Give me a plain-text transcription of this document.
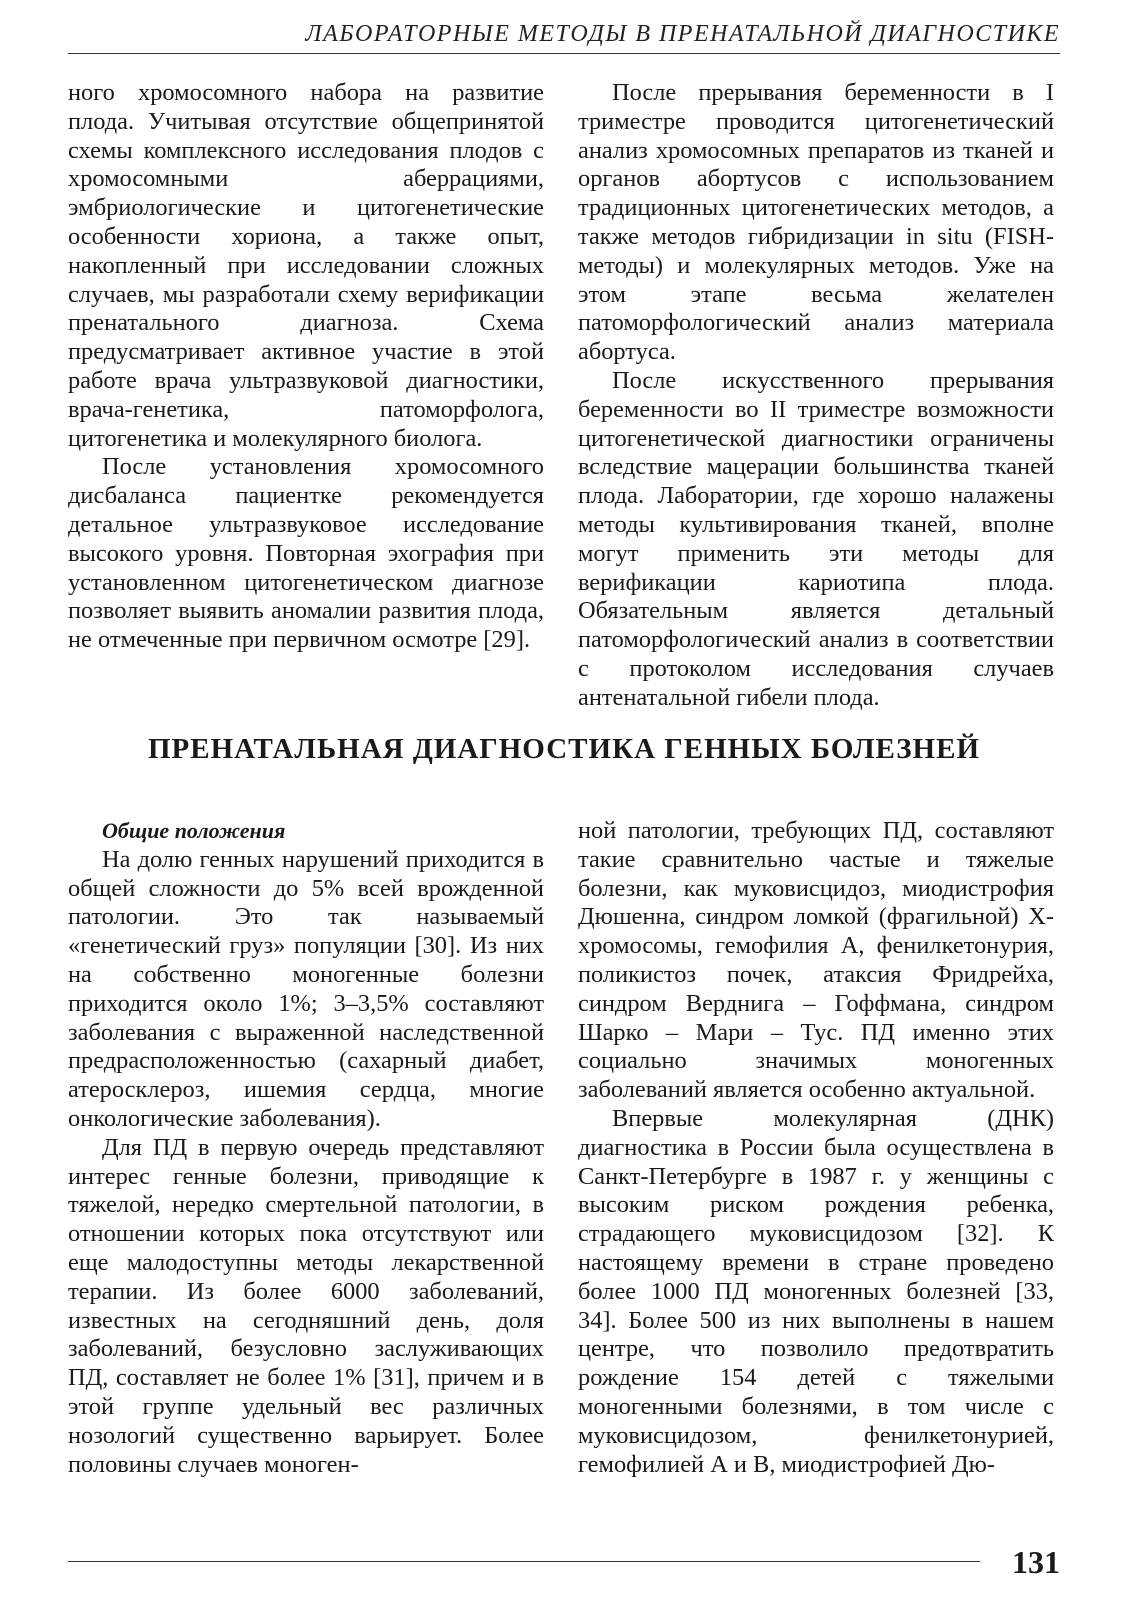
ЛАБОРАТОРНЫЕ МЕТОДЫ В ПРЕНАТАЛЬНОЙ ДИАГНОСТИКЕ

ного хромосомного набора на развитие плода. Учитывая отсутствие общепринятой схемы комплексного исследования плодов с хромосомными аберрациями, эмбриологические и цитогенетические особенности хориона, а также опыт, накопленный при исследовании сложных случаев, мы разработали схему верификации пренатального диагноза. Схема предусматривает активное участие в этой работе врача ультразвуковой диагностики, врача-генетика, патоморфолога, цитогенетика и молекулярного биолога.

После установления хромосомного дисбаланса пациентке рекомендуется детальное ультразвуковое исследование высокого уровня. Повторная эхография при установленном цитогенетическом диагнозе позволяет выявить аномалии развития плода, не отмеченные при первичном осмотре [29].

После прерывания беременности в I триместре проводится цитогенетический анализ хромосомных препаратов из тканей и органов абортусов с использованием традиционных цитогенетических методов, а также методов гибридизации in situ (FISH-методы) и молекулярных методов. Уже на этом этапе весьма желателен патоморфологический анализ материала абортуса.

После искусственного прерывания беременности во II триместре возможности цитогенетической диагностики ограничены вследствие мацерации большинства тканей плода. Лаборатории, где хорошо налажены методы культивирования тканей, вполне могут применить эти методы для верификации кариотипа плода. Обязательным является детальный патоморфологический анализ в соответствии с протоколом исследования случаев антенатальной гибели плода.

ПРЕНАТАЛЬНАЯ ДИАГНОСТИКА ГЕННЫХ БОЛЕЗНЕЙ

Общие положения

На долю генных нарушений приходится в общей сложности до 5% всей врожденной патологии. Это так называемый «генетический груз» популяции [30]. Из них на собственно моногенные болезни приходится около 1%; 3–3,5% составляют заболевания с выраженной наследственной предрасположенностью (сахарный диабет, атеросклероз, ишемия сердца, многие онкологические заболевания).

Для ПД в первую очередь представляют интерес генные болезни, приводящие к тяжелой, нередко смертельной патологии, в отношении которых пока отсутствуют или еще малодоступны методы лекарственной терапии. Из более 6000 заболеваний, известных на сегодняшний день, доля заболеваний, безусловно заслуживающих ПД, составляет не более 1% [31], причем и в этой группе удельный вес различных нозологий существенно варьирует. Более половины случаев моноген-

ной патологии, требующих ПД, составляют такие сравнительно частые и тяжелые болезни, как муковисцидоз, миодистрофия Дюшенна, синдром ломкой (фрагильной) Х-хромосомы, гемофилия А, фенилкетонурия, поликистоз почек, атаксия Фридрейха, синдром Верднига – Гоффмана, синдром Шарко – Мари – Тус. ПД именно этих социально значимых моногенных заболеваний является особенно актуальной.

Впервые молекулярная (ДНК) диагностика в России была осуществлена в Санкт-Петербурге в 1987 г. у женщины с высоким риском рождения ребенка, страдающего муковисцидозом [32]. К настоящему времени в стране проведено более 1000 ПД моногенных болезней [33, 34]. Более 500 из них выполнены в нашем центре, что позволило предотвратить рождение 154 детей с тяжелыми моногенными болезнями, в том числе с муковисцидозом, фенилкетонурией, гемофилией А и В, миодистрофией Дю-

131
